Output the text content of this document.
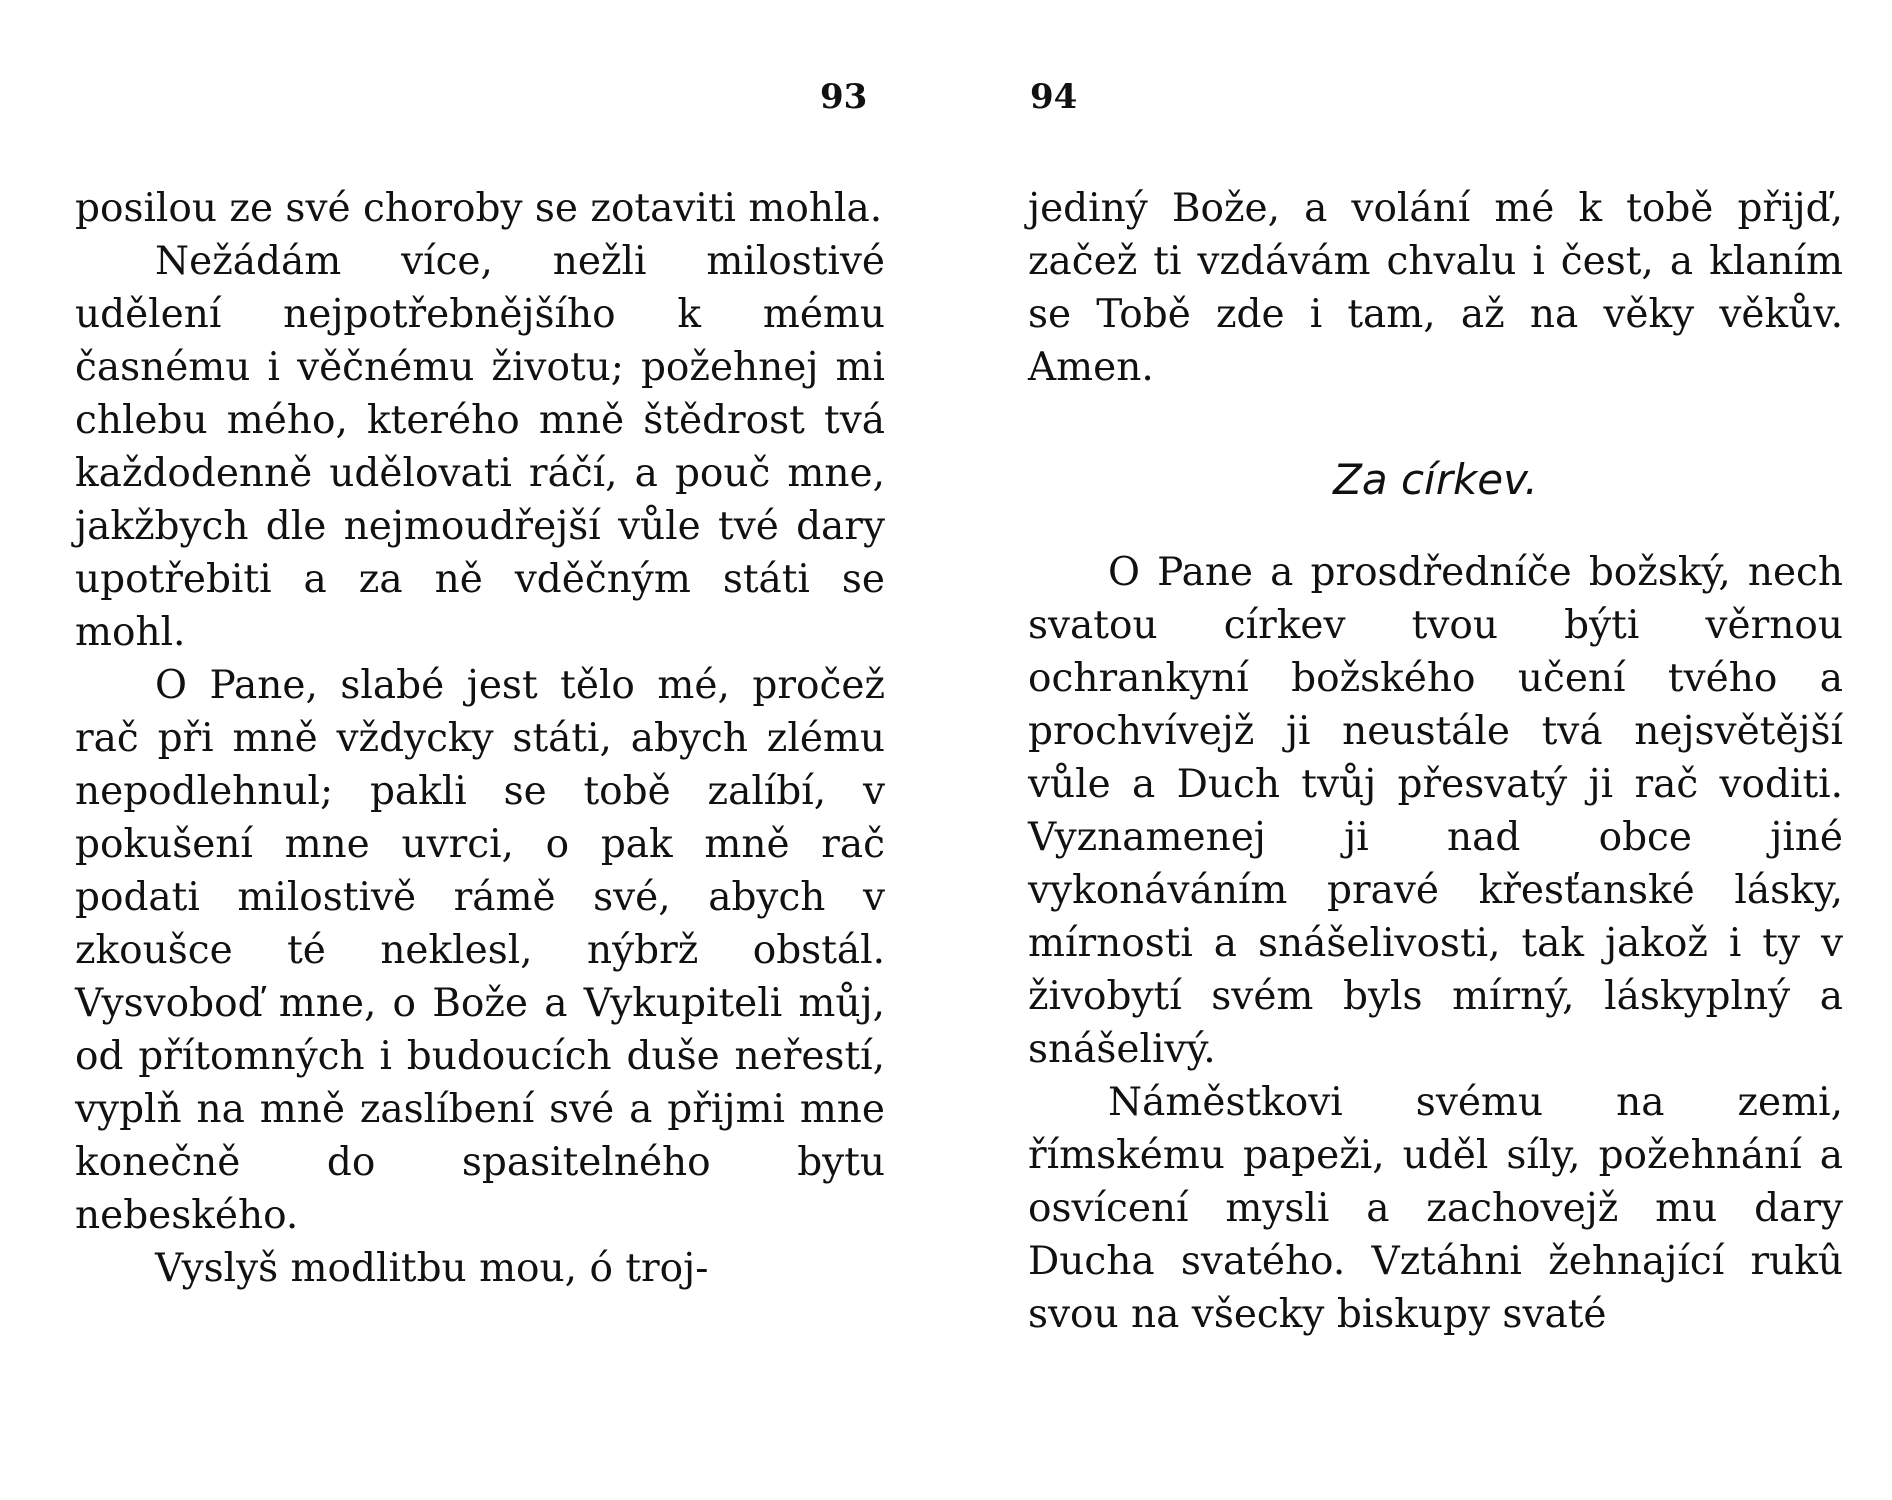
93	94

posilou ze své choroby se zotaviti mohla.

Nežádám více, nežli milostivé udělení nejpotřebnějšího k mému časnému i věčnému životu; požehnej mi chlebu mého, kterého mně štědrost tvá každodenně udělovati ráčí, a pouč mne, jakžbych dle nejmoudřejší vůle tvé dary upotřebiti a za ně vděčným státi se mohl.

O Pane, slabé jest tělo mé, pročež rač při mně vždycky státi, abych zlému nepodlehnul; pakli se tobě zalíbí, v pokušení mne uvrci, o pak mně rač podati milostivě rámě své, abych v zkoušce té neklesl, nýbrž obstál. Vysvoboď mne, o Bože a Vykupiteli můj, od přítomných i budoucích duše neřestí, vyplň na mně zaslíbení své a přijmi mne konečně do spasitelného bytu nebeského.

Vyslyš modlitbu mou, ó troj-

jediný Bože, a volání mé k tobě přijď, začež ti vzdávám chvalu i čest, a klaním se Tobě zde i tam, až na věky věkův. Amen.

Za církev.

O Pane a prosdředníče božský, nech svatou církev tvou býti věrnou ochrankyní božského učení tvého a prochvívejž ji neustále tvá nejsvětější vůle a Duch tvůj přesvatý ji rač voditi. Vyznamenej ji nad obce jiné vykonáváním pravé křesťanské lásky, mírnosti a snášelivosti, tak jakož i ty v živobytí svém byls mírný, láskyplný a snášelivý.

Náměstkovi svému na zemi, římskému papeži, uděl síly, požehnání a osvícení mysli a zachovejž mu dary Ducha svatého. Vztáhni žehnající rukû svou na všecky biskupy svaté
